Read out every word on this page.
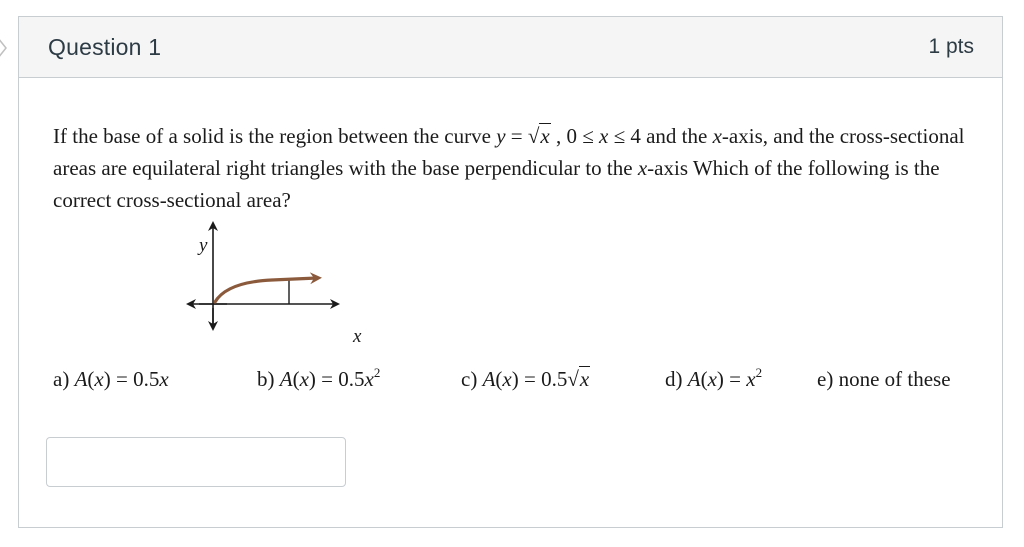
Question 1	1 pts
If the base of a solid is the region between the curve y = √x , 0 ≤ x ≤ 4 and the x-axis, and the cross-sectional areas are equilateral right triangles with the base perpendicular to the x-axis Which of the following is the correct cross-sectional area?
y
x
a) A(x) = 0.5x	b) $A(x) = 0.5x^2$	c) A(x) = 0.5√x	d) $A(x) = x^2$	e) none of these
